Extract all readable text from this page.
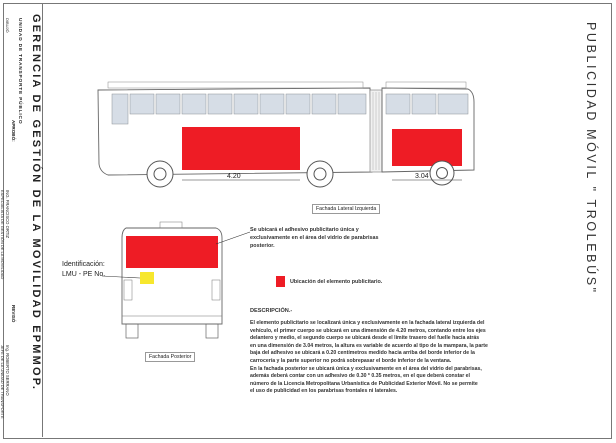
GERENCIA DE GESTIÓN DE LA MOVILIDAD EPMMOP.
UNIDAD DE TRANSPORTE PÚBLICO
APROBÓ:
REVISÓ
DIBUJÓ
ING. FRANCISCO ORTIZ
ESPECIALISTA DE GESTIÓN DE LA MOVILIDAD
Ing. ROBERTO SERRANO
JEFE DE LA UNIDAD DE TRANSPORTE
PUBLICIDAD MÓVIL " TROLEBÚS"
4.20	3.04
Fachada Lateral Izquierda
Fachada Posterior
Identificación:
LMU - PE No.
Se ubicará el adhesivo publicitario única y exclusivamente en el área del vidrio de parabrisas posterior.
Ubicación del elemento publicitario.
DESCRIPCIÓN.-
El elemento publicitario se localizará única y exclusivamente en la fachada lateral izquierda del
vehículo, el primer cuerpo se ubicará en una dimensión de 4.20 metros, contando entre los ejes
delantero y medio, el segundo cuerpo se ubicará desde el límite trasero del fuelle hacia atrás
en una dimensión de 3.04 metros, la altura es variable de acuerdo al tipo de la mampara, la parte
baja del adhesivo se ubicará a 0.20 centímetros medido hacia arriba del borde inferior de la
carrocería y la parte superior no podrá sobrepasar el borde inferior de la ventana.
En la fachada posterior se ubicará única y exclusivamente en el área del vidrio del parabrisas,
además deberá contar con un adhesivo de 0.30 * 0.35 metros, en el que deberá constar el
número de la Licencia Metropolitana Urbanística de Publicidad Exterior Móvil. No se permite
el uso de publicidad en los parabrisas frontales ni laterales.
